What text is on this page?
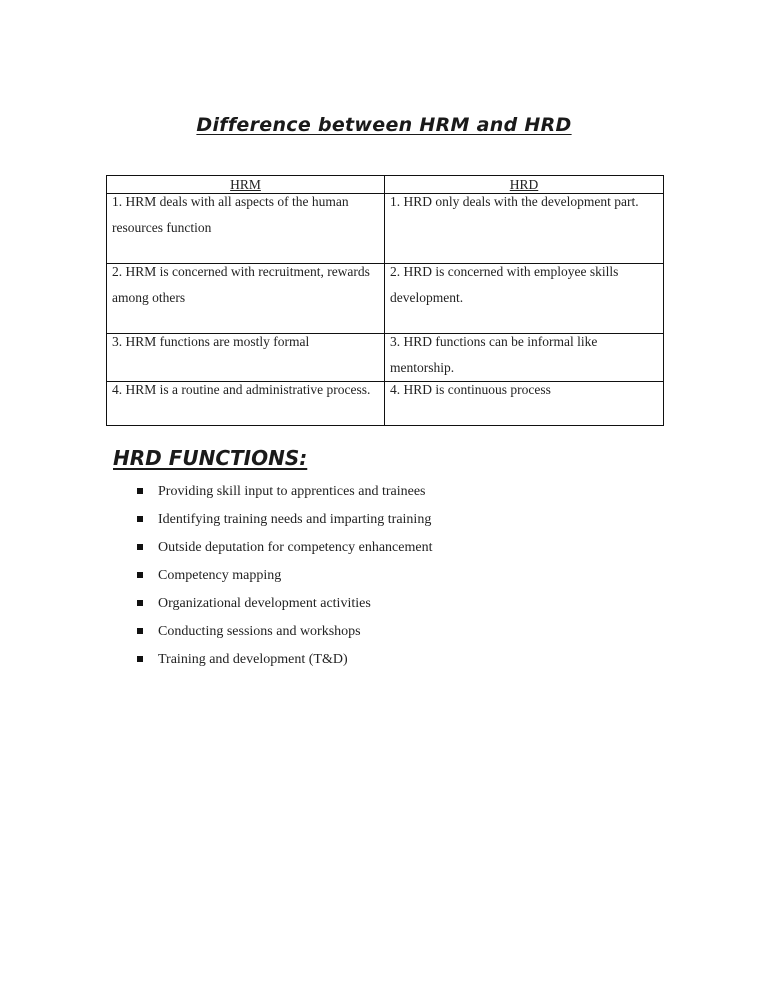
Difference between HRM and HRD
HRM	HRD

1. HRM deals with all aspects of the human resources function	1. HRD only deals with the development part.

2. HRM is concerned with recruitment, rewards among others	2. HRD is concerned with employee skills development.

3. HRM functions are mostly formal	3. HRD functions can be informal like mentorship.

4. HRM is a routine and administrative process.	4. HRD is continuous process
HRD FUNCTIONS:
Providing skill input to apprentices and trainees
Identifying training needs and imparting training
Outside deputation for competency enhancement
Competency mapping
Organizational development activities
Conducting sessions and workshops
Training and development (T&D)
